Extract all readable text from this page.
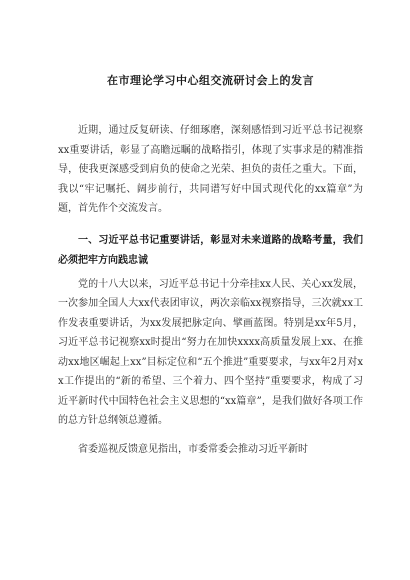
在市理论学习中心组交流研讨会上的发言

近期，通过反复研读、仔细琢磨，深刻感悟到习近平总书记视察xx重要讲话，彰显了高瞻远瞩的战略指引，体现了实事求是的精准指导，使我更深感受到肩负的使命之光荣、担负的责任之重大。下面，我以“牢记嘱托、阔步前行，共同谱写好中国式现代化的xx篇章”为题，首先作个交流发言。

一、习近平总书记重要讲话，彰显对未来道路的战略考量，我们必须把牢方向践忠诚

党的十八大以来，习近平总书记十分牵挂xx人民、关心xx发展，一次参加全国人大xx代表团审议，两次亲临xx视察指导，三次就xx工作发表重要讲话，为xx发展把脉定向、擘画蓝图。特别是xx年5月，习近平总书记视察xx时提出“努力在加快xxxx高质量发展上xx、在推动xx地区崛起上xx”目标定位和“五个推进”重要要求，与xx年2月对xx工作提出的“新的希望、三个着力、四个坚持”重要要求，构成了习近平新时代中国特色社会主义思想的“xx篇章”，是我们做好各项工作的总方针总纲领总遵循。

省委巡视反馈意见指出，市委常委会推动习近平新时
